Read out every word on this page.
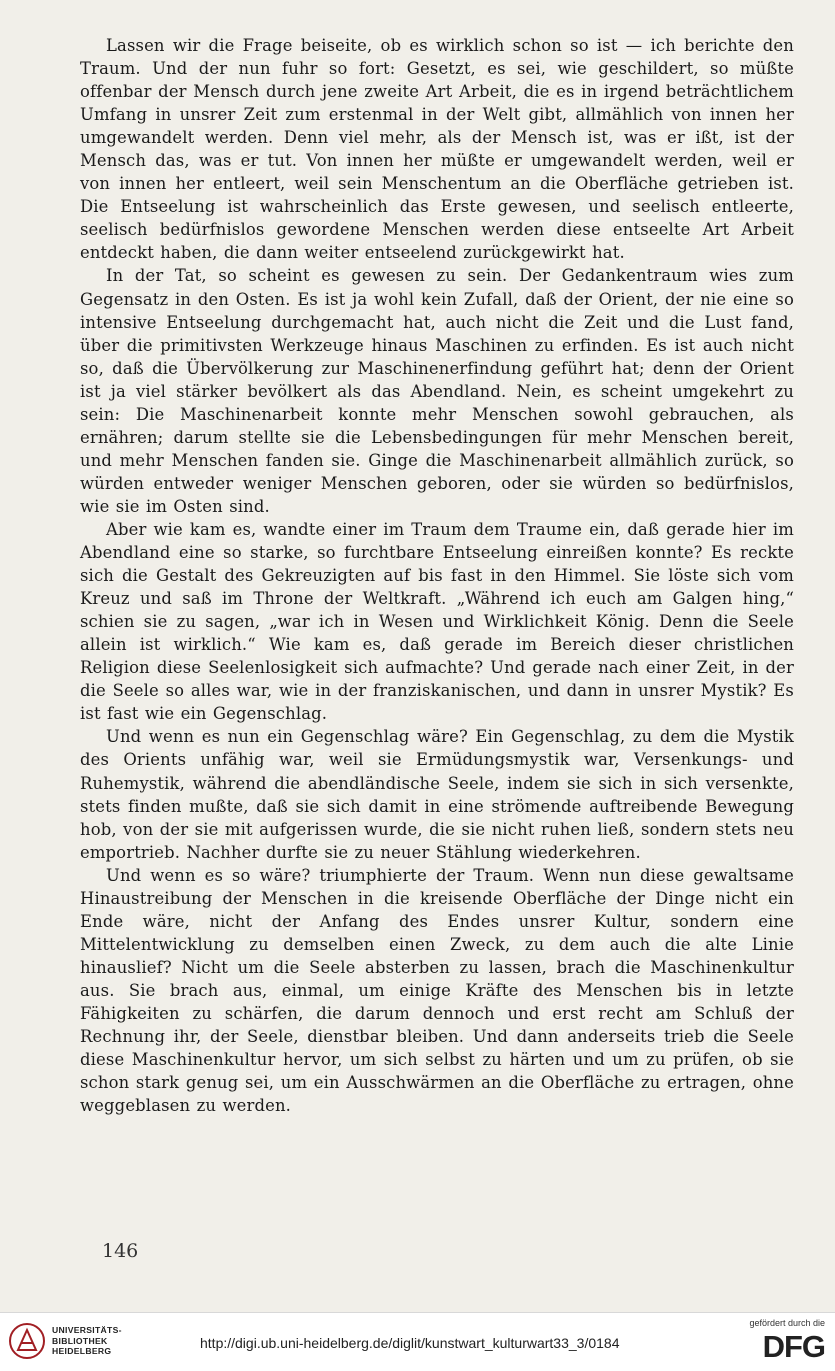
Lassen wir die Frage beiseite, ob es wirklich schon so ist — ich berichte den Traum. Und der nun fuhr so fort: Gesetzt, es sei, wie geschildert, so müßte offenbar der Mensch durch jene zweite Art Arbeit, die es in irgend beträchtlichem Umfang in unsrer Zeit zum erstenmal in der Welt gibt, allmählich von innen her umgewandelt werden. Denn viel mehr, als der Mensch ist, was er ißt, ist der Mensch das, was er tut. Von innen her müßte er umgewandelt werden, weil er von innen her entleert, weil sein Menschentum an die Oberfläche getrieben ist. Die Entseelung ist wahrscheinlich das Erste gewesen, und seelisch entleerte, seelisch bedürfnislos gewordene Menschen werden diese entseelte Art Arbeit entdeckt haben, die dann weiter entseelend zurückgewirkt hat.

In der Tat, so scheint es gewesen zu sein. Der Gedankentraum wies zum Gegensatz in den Osten. Es ist ja wohl kein Zufall, daß der Orient, der nie eine so intensive Entseelung durchgemacht hat, auch nicht die Zeit und die Lust fand, über die primitivsten Werkzeuge hinaus Maschinen zu erfinden. Es ist auch nicht so, daß die Übervölkerung zur Maschinenerfindung geführt hat; denn der Orient ist ja viel stärker bevölkert als das Abendland. Nein, es scheint umgekehrt zu sein: Die Maschinenarbeit konnte mehr Menschen sowohl gebrauchen, als ernähren; darum stellte sie die Lebensbedingungen für mehr Menschen bereit, und mehr Menschen fanden sie. Ginge die Maschinenarbeit allmählich zurück, so würden entweder weniger Menschen geboren, oder sie würden so bedürfnislos, wie sie im Osten sind.

Aber wie kam es, wandte einer im Traum dem Traume ein, daß gerade hier im Abendland eine so starke, so furchtbare Entseelung einreißen konnte? Es reckte sich die Gestalt des Gekreuzigten auf bis fast in den Himmel. Sie löste sich vom Kreuz und saß im Throne der Weltkraft. „Während ich euch am Galgen hing,“ schien sie zu sagen, „war ich in Wesen und Wirklichkeit König. Denn die Seele allein ist wirklich.“ Wie kam es, daß gerade im Bereich dieser christlichen Religion diese Seelenlosigkeit sich aufmachte? Und gerade nach einer Zeit, in der die Seele so alles war, wie in der franziskanischen, und dann in unsrer Mystik? Es ist fast wie ein Gegenschlag.

Und wenn es nun ein Gegenschlag wäre? Ein Gegenschlag, zu dem die Mystik des Orients unfähig war, weil sie Ermüdungsmystik war, Versenkungs- und Ruhemystik, während die abendländische Seele, indem sie sich in sich versenkte, stets finden mußte, daß sie sich damit in eine strömende auftreibende Bewegung hob, von der sie mit aufgerissen wurde, die sie nicht ruhen ließ, sondern stets neu emportrieb. Nachher durfte sie zu neuer Stählung wiederkehren.

Und wenn es so wäre? triumphierte der Traum. Wenn nun diese gewaltsame Hinaustreibung der Menschen in die kreisende Oberfläche der Dinge nicht ein Ende wäre, nicht der Anfang des Endes unsrer Kultur, sondern eine Mittelentwicklung zu demselben einen Zweck, zu dem auch die alte Linie hinauslief? Nicht um die Seele absterben zu lassen, brach die Maschinenkultur aus. Sie brach aus, einmal, um einige Kräfte des Menschen bis in letzte Fähigkeiten zu schärfen, die darum dennoch und erst recht am Schluß der Rechnung ihr, der Seele, dienstbar bleiben. Und dann anderseits trieb die Seele diese Maschinenkultur hervor, um sich selbst zu härten und um zu prüfen, ob sie schon stark genug sei, um ein Ausschwärmen an die Oberfläche zu ertragen, ohne weggeblasen zu werden.

146
UNIVERSITÄTS-
BIBLIOTHEK
HEIDELBERG	http://digi.ub.uni-heidelberg.de/diglit/kunstwart_kulturwart33_3/0184
gefördert durch die
DFG
